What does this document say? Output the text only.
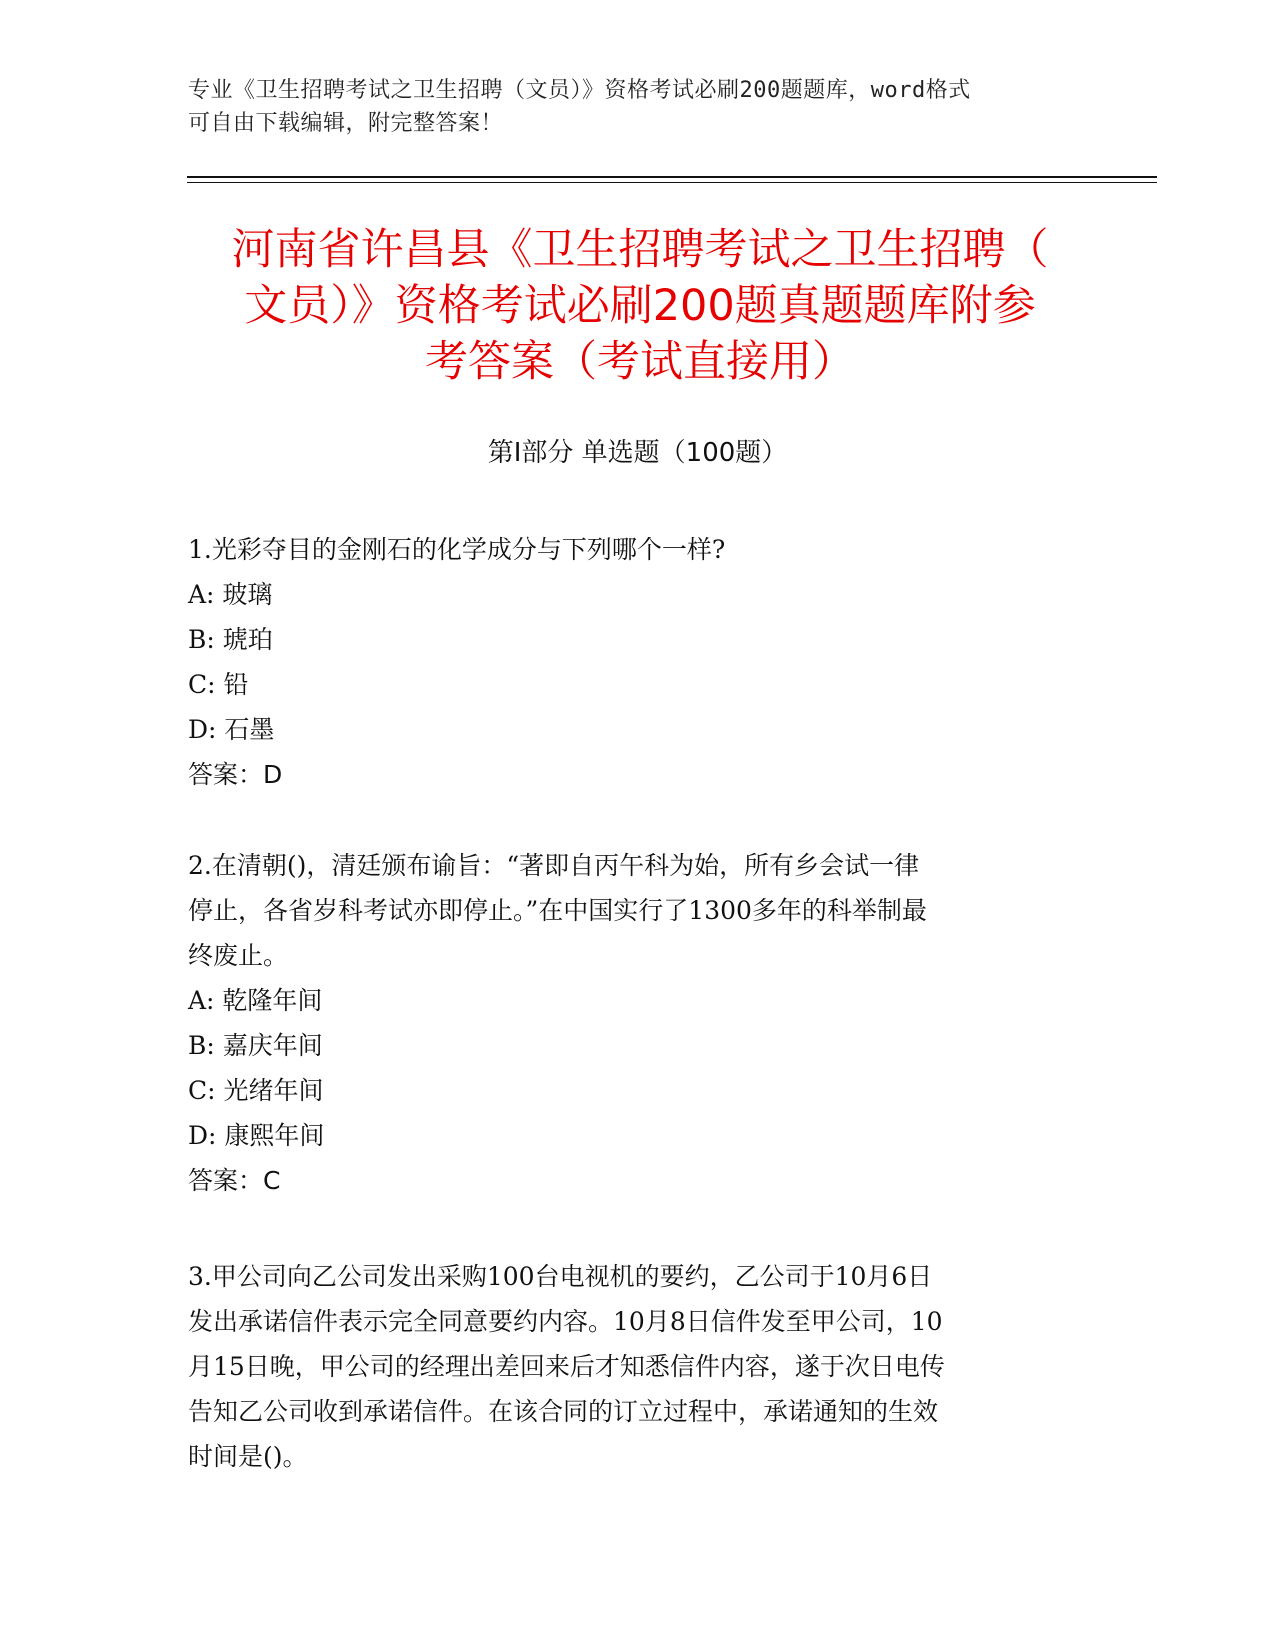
专业《卫生招聘考试之卫生招聘（文员）》资格考试必刷200题题库，word格式
可自由下载编辑，附完整答案！
河南省许昌县《卫生招聘考试之卫生招聘（
文员）》资格考试必刷200题真题题库附参
考答案（考试直接用）
第Ⅰ部分 单选题（100题）
1.光彩夺目的金刚石的化学成分与下列哪个一样?
A: 玻璃
B: 琥珀
C: 铅
D: 石墨
答案：D
2.在清朝()，清廷颁布谕旨：“著即自丙午科为始，所有乡会试一律
停止，各省岁科考试亦即停止。”在中国实行了1300多年的科举制最
终废止。
A: 乾隆年间
B: 嘉庆年间
C: 光绪年间
D: 康熙年间
答案：C
3.甲公司向乙公司发出采购100台电视机的要约，乙公司于10月6日
发出承诺信件表示完全同意要约内容。10月8日信件发至甲公司，10
月15日晚，甲公司的经理出差回来后才知悉信件内容，遂于次日电传
告知乙公司收到承诺信件。在该合同的订立过程中，承诺通知的生效
时间是()。
